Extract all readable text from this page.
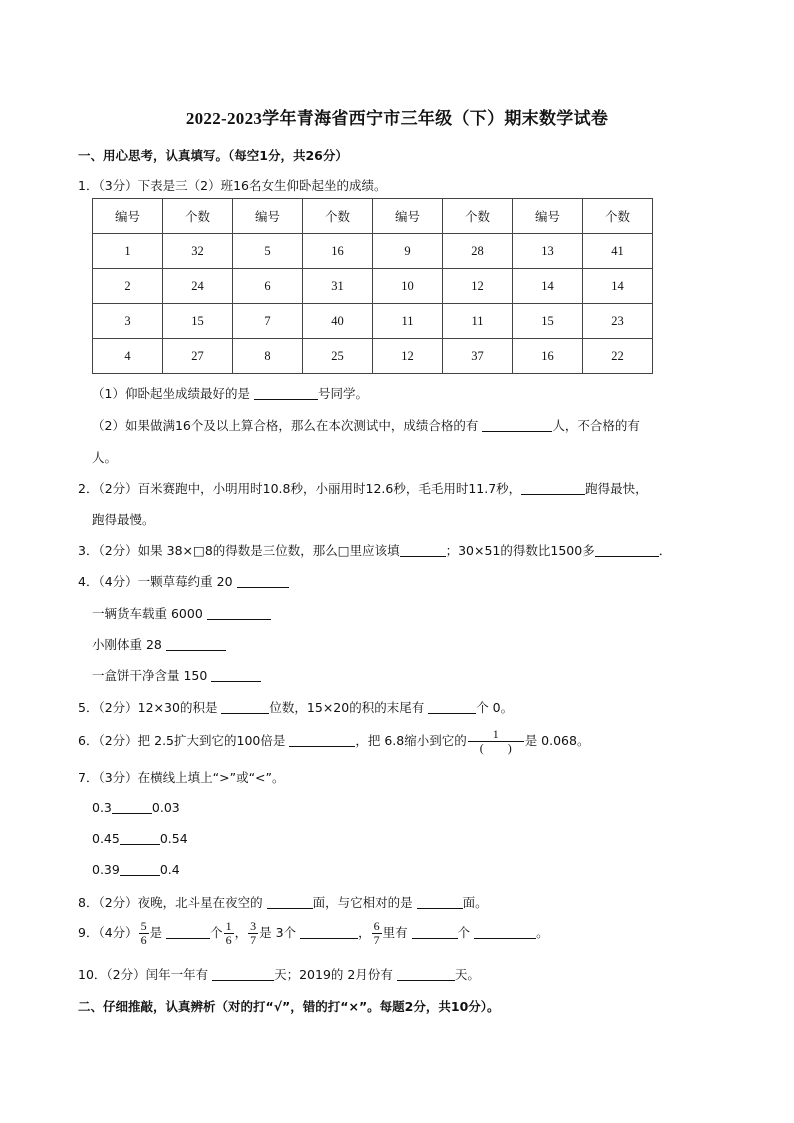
2022-2023学年青海省西宁市三年级（下）期末数学试卷
一、用心思考，认真填写。（每空1分，共26分）
1．（3分）下表是三（2）班16名女生仰卧起坐的成绩。
编号	个数	编号	个数	编号	个数	编号	个数
1	32	5	16	9	28	13	41
2	24	6	31	10	12	14	14
3	15	7	40	11	11	15	23
4	27	8	25	12	37	16	22
（1）仰卧起坐成绩最好的是	号同学。
（2）如果做满16个及以上算合格，那么在本次测试中，成绩合格的有	人，不合格的有
人。
2．（2分）百米赛跑中，小明用时10.8秒，小丽用时12.6秒，毛毛用时11.7秒，	跑得最快，
跑得最慢。
3．（2分）如果 38×□8的得数是三位数，那么□里应该填	；30×51的得数比1500多	．
4．（4分）一颗草莓约重 20
一辆货车载重 6000
小刚体重 28
一盒饼干净含量 150
5．（2分）12×30的积是	位数，15×20的积的末尾有	个 0。
6．（2分）把 2.5扩大到它的100倍是	，把 6.8缩小到它的 $\frac{1}{( )}$ 是 0.068。
7．（3分）在横线上填上“>”或“<”。
0.3	0.03
0.45	0.54
0.39	0.4
8．（2分）夜晚，北斗星在夜空的	面，与它相对的是	面。
9．（4分） $\frac{5}{6}$ 是	个 $\frac{1}{6}$ ， $\frac{3}{7}$ 是 3个	， $\frac{6}{7}$ 里有	个	。
10．（2分）闰年一年有	天；2019的 2月份有	天。
二、仔细推敲，认真辨析（对的打“√”，错的打“×”。每题2分，共10分）。
